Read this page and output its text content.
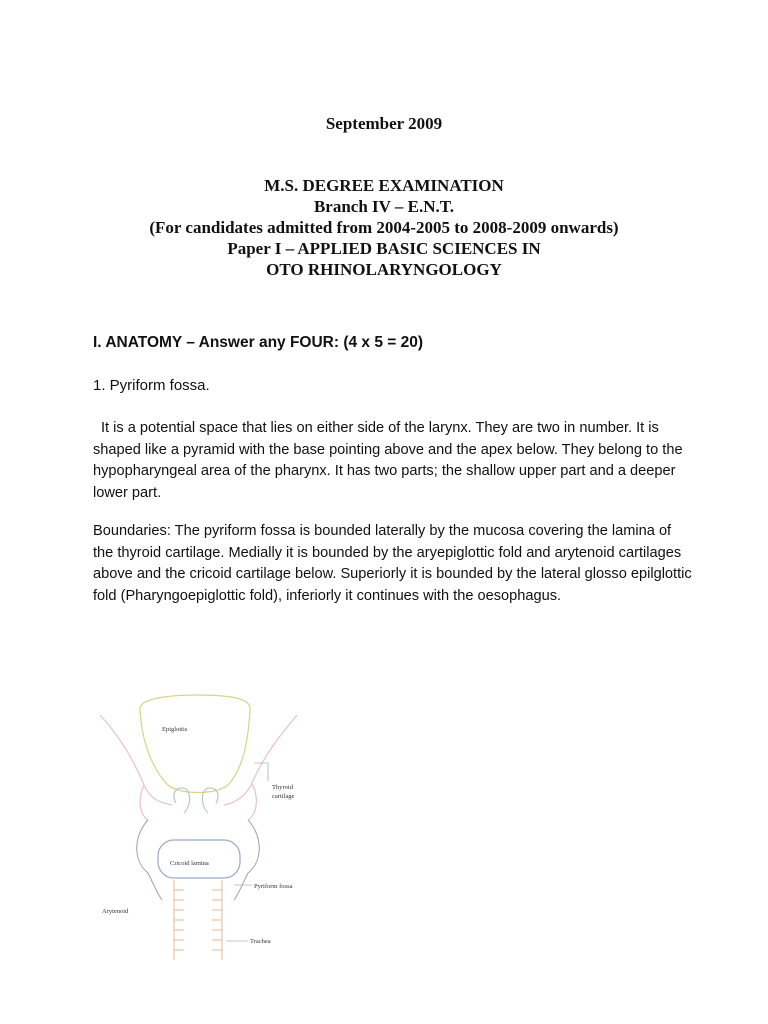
September 2009
M.S. DEGREE EXAMINATION
Branch IV – E.N.T.
(For candidates admitted from 2004-2005 to 2008-2009 onwards)
Paper I – APPLIED BASIC SCIENCES IN
OTO RHINOLARYNGOLOGY
I. ANATOMY – Answer any FOUR: (4 x 5 = 20)
1. Pyriform fossa.
It is a potential space that lies on either side of the larynx. They are two in number. It is shaped like a pyramid with the base pointing above and the apex below. They belong to the hypopharyngeal area of the pharynx. It has two parts; the shallow upper part and a deeper lower part.
Boundaries: The pyriform fossa is bounded laterally by the mucosa covering the lamina of the thyroid cartilage. Medially it is bounded by the aryepiglottic fold and arytenoid cartilages above and the cricoid cartilage below. Superiorly it is bounded by the lateral glosso epilglottic fold (Pharyngoepiglottic fold), inferiorly it continues with the oesophagus.
Epiglottis
Thyroid cartilage
Cricoid lamina
Pyriform fossa
Arytenoid
Trachea
